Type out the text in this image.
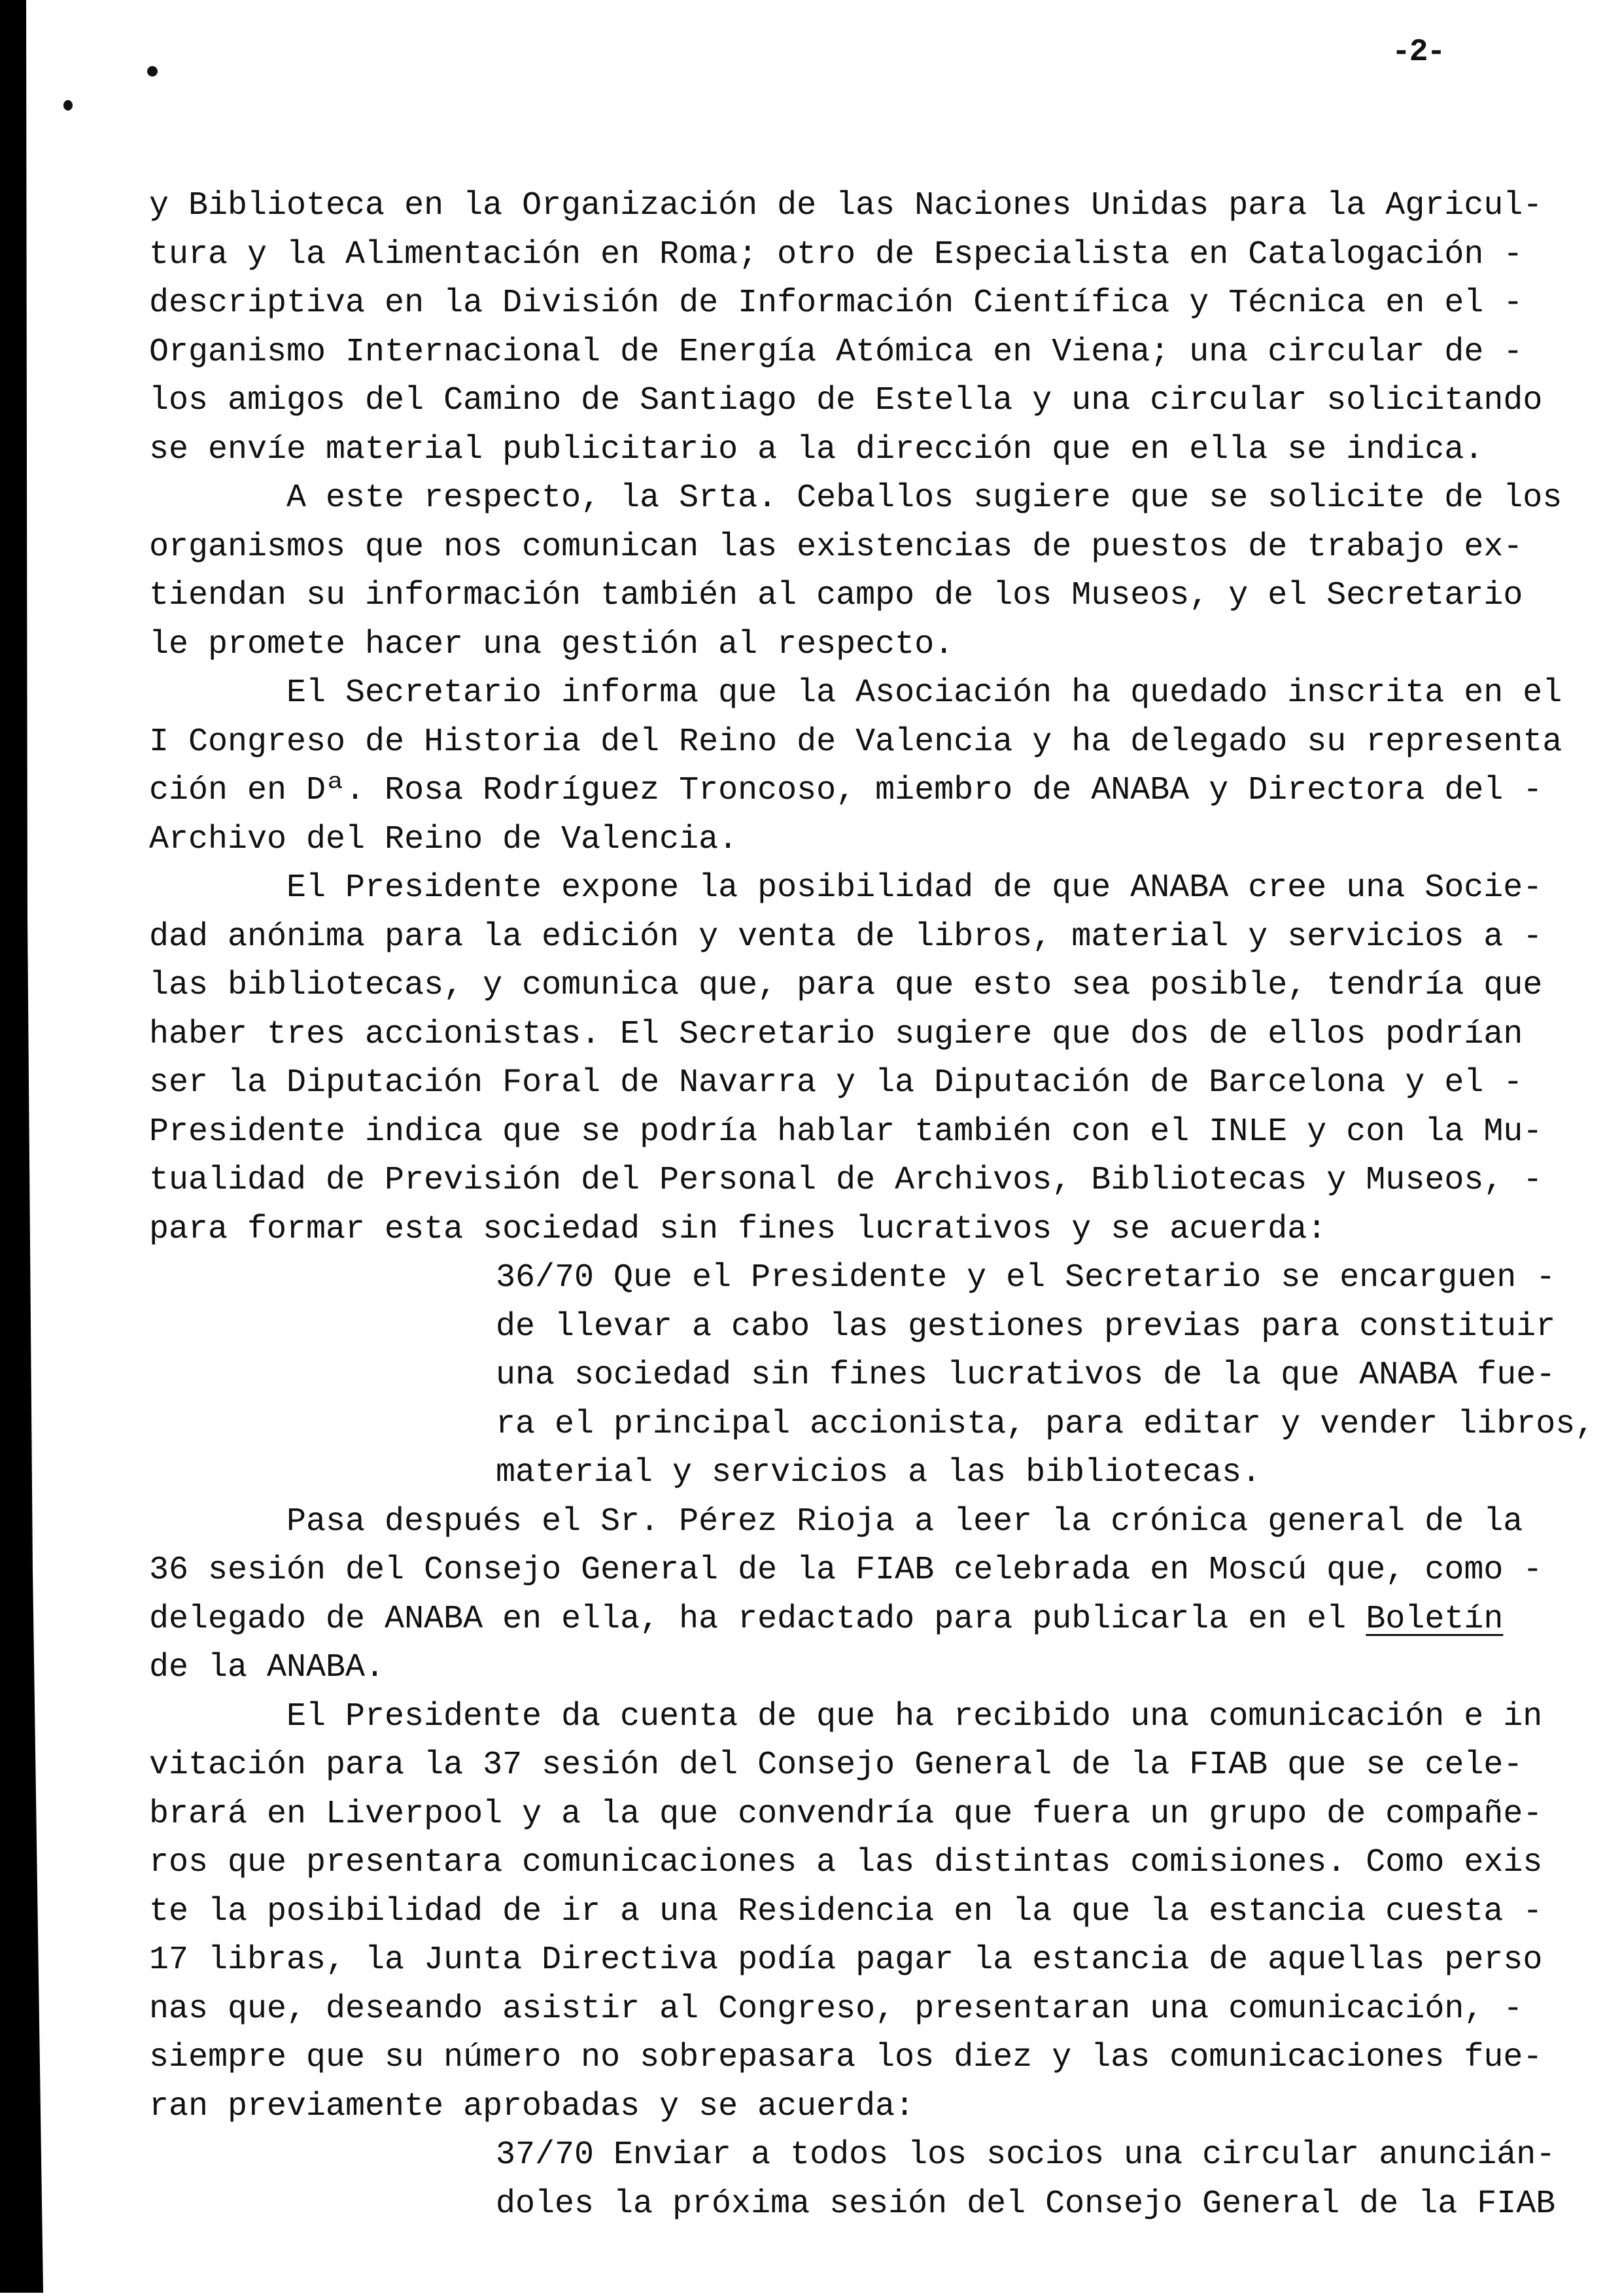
-2-
y Biblioteca en la Organización de las Naciones Unidas para la Agricul-
tura y la Alimentación en Roma; otro de Especialista en Catalogación -
descriptiva en la División de Información Científica y Técnica en el -
Organismo Internacional de Energía Atómica en Viena; una circular de -
los amigos del Camino de Santiago de Estella y una circular solicitando
se envíe material publicitario a la dirección que en ella se indica.
A este respecto, la Srta. Ceballos sugiere que se solicite de los
organismos que nos comunican las existencias de puestos de trabajo ex-
tiendan su información también al campo de los Museos, y el Secretario
le promete hacer una gestión al respecto.
El Secretario informa que la Asociación ha quedado inscrita en el
I Congreso de Historia del Reino de Valencia y ha delegado su representa
ción en Dª. Rosa Rodríguez Troncoso, miembro de ANABA y Directora del -
Archivo del Reino de Valencia.
El Presidente expone la posibilidad de que ANABA cree una Socie-
dad anónima para la edición y venta de libros, material y servicios a -
las bibliotecas, y comunica que, para que esto sea posible, tendría que
haber tres accionistas. El Secretario sugiere que dos de ellos podrían
ser la Diputación Foral de Navarra y la Diputación de Barcelona y el -
Presidente indica que se podría hablar también con el INLE y con la Mu-
tualidad de Previsión del Personal de Archivos, Bibliotecas y Museos, -
para formar esta sociedad sin fines lucrativos y se acuerda:
36/70 Que el Presidente y el Secretario se encarguen -
de llevar a cabo las gestiones previas para constituir
una sociedad sin fines lucrativos de la que ANABA fue-
ra el principal accionista, para editar y vender libros,
material y servicios a las bibliotecas.
Pasa después el Sr. Pérez Rioja a leer la crónica general de la
36 sesión del Consejo General de la FIAB celebrada en Moscú que, como -
delegado de ANABA en ella, ha redactado para publicarla en el Boletín
de la ANABA.
El Presidente da cuenta de que ha recibido una comunicación e in
vitación para la 37 sesión del Consejo General de la FIAB que se cele-
brará en Liverpool y a la que convendría que fuera un grupo de compañe-
ros que presentara comunicaciones a las distintas comisiones. Como exis
te la posibilidad de ir a una Residencia en la que la estancia cuesta -
17 libras, la Junta Directiva podía pagar la estancia de aquellas perso
nas que, deseando asistir al Congreso, presentaran una comunicación, -
siempre que su número no sobrepasara los diez y las comunicaciones fue-
ran previamente aprobadas y se acuerda:
37/70 Enviar a todos los socios una circular anuncián-
doles la próxima sesión del Consejo General de la FIAB
